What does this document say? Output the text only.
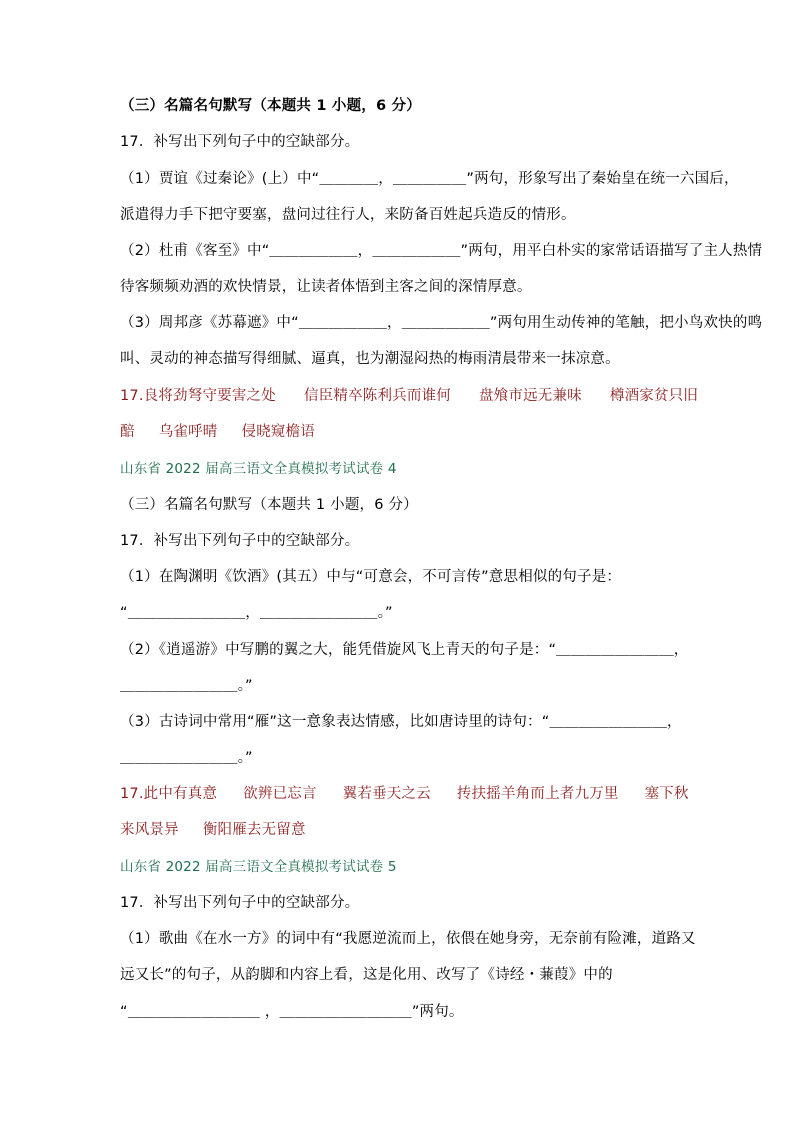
（三）名篇名句默写（本题共 1 小题，6 分）
17．补写出下列句子中的空缺部分。
（1）贾谊《过秦论》(上）中“＿＿＿＿，＿＿＿＿＿”两句，形象写出了秦始皇在统一六国后，
派遣得力手下把守要塞，盘问过往行人，来防备百姓起兵造反的情形。
（2）杜甫《客至》中“＿＿＿＿＿＿，＿＿＿＿＿＿”两句，用平白朴实的家常话语描写了主人热情
待客频频劝酒的欢快情景，让读者体悟到主客之间的深情厚意。
（3）周邦彦《苏幕遮》中“＿＿＿＿＿＿，＿＿＿＿＿＿”两句用生动传神的笔触，把小鸟欢快的鸣
叫、灵动的神态描写得细腻、逼真，也为潮湿闷热的梅雨清晨带来一抹凉意。
17.良将劲弩守要害之处 信臣精卒陈利兵而谁何 盘飧市远无兼味 樽酒家贫只旧
醅 乌雀呼晴 侵晓窥檐语
山东省 2022 届高三语文全真模拟考试试卷 4
（三）名篇名句默写（本题共 1 小题，6 分）
17．补写出下列句子中的空缺部分。
（1）在陶渊明《饮酒》(其五）中与“可意会，不可言传”意思相似的句子是：
“＿＿＿＿＿＿＿＿，＿＿＿＿＿＿＿＿。”
（2）《逍遥游》中写鹏的翼之大，能凭借旋风飞上青天的句子是：“＿＿＿＿＿＿＿＿，
＿＿＿＿＿＿＿＿。”
（3）古诗词中常用“雁”这一意象表达情感，比如唐诗里的诗句：“＿＿＿＿＿＿＿＿，
＿＿＿＿＿＿＿＿。”
17.此中有真意 欲辨已忘言 翼若垂天之云 抟扶摇羊角而上者九万里 塞下秋
来风景异 衡阳雁去无留意
山东省 2022 届高三语文全真模拟考试试卷 5
17．补写出下列句子中的空缺部分。
（1）歌曲《在水一方》的词中有“我愿逆流而上，依偎在她身旁，无奈前有险滩，道路又
远又长”的句子，从韵脚和内容上看，这是化用、改写了《诗经・蒹葭》中的
“＿＿＿＿＿＿＿＿＿ ，＿＿＿＿＿＿＿＿＿”两句。
